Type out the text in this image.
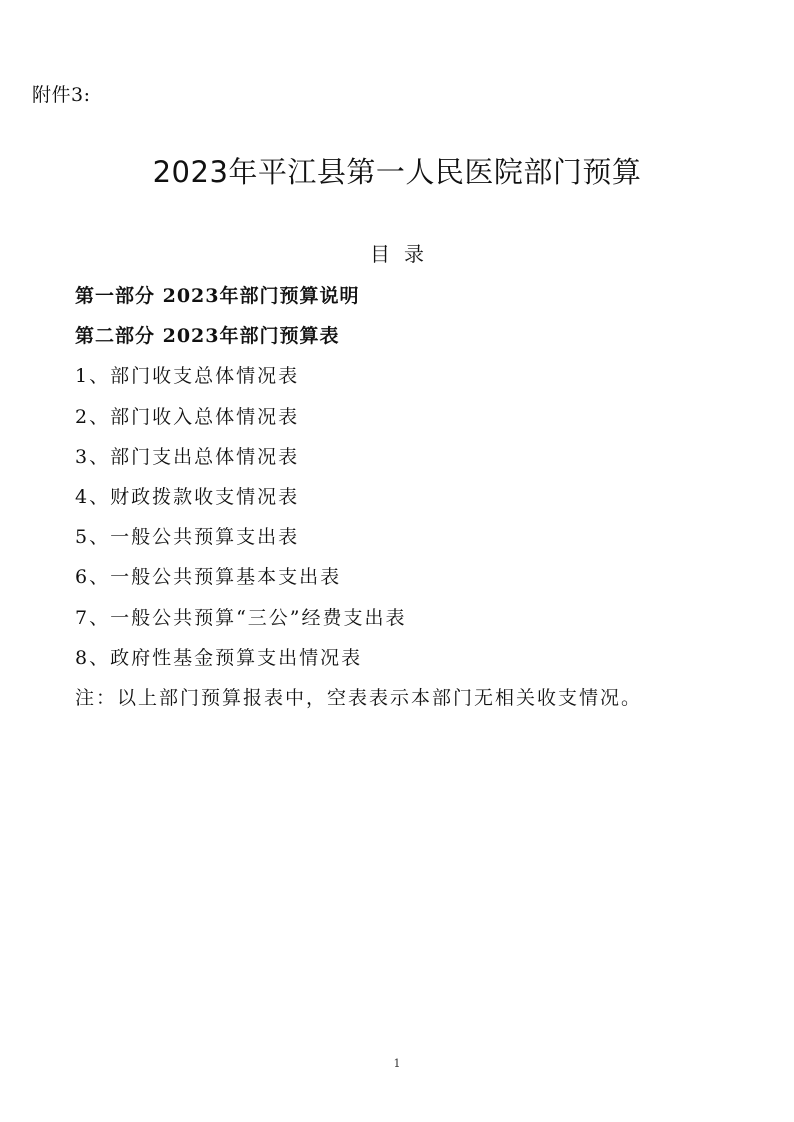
附件3:
2023年平江县第一人民医院部门预算
目 录
第一部分 2023年部门预算说明
第二部分 2023年部门预算表
1、部门收支总体情况表
2、部门收入总体情况表
3、部门支出总体情况表
4、财政拨款收支情况表
5、一般公共预算支出表
6、一般公共预算基本支出表
7、一般公共预算“三公”经费支出表
8、政府性基金预算支出情况表
注：以上部门预算报表中，空表表示本部门无相关收支情况。
1
